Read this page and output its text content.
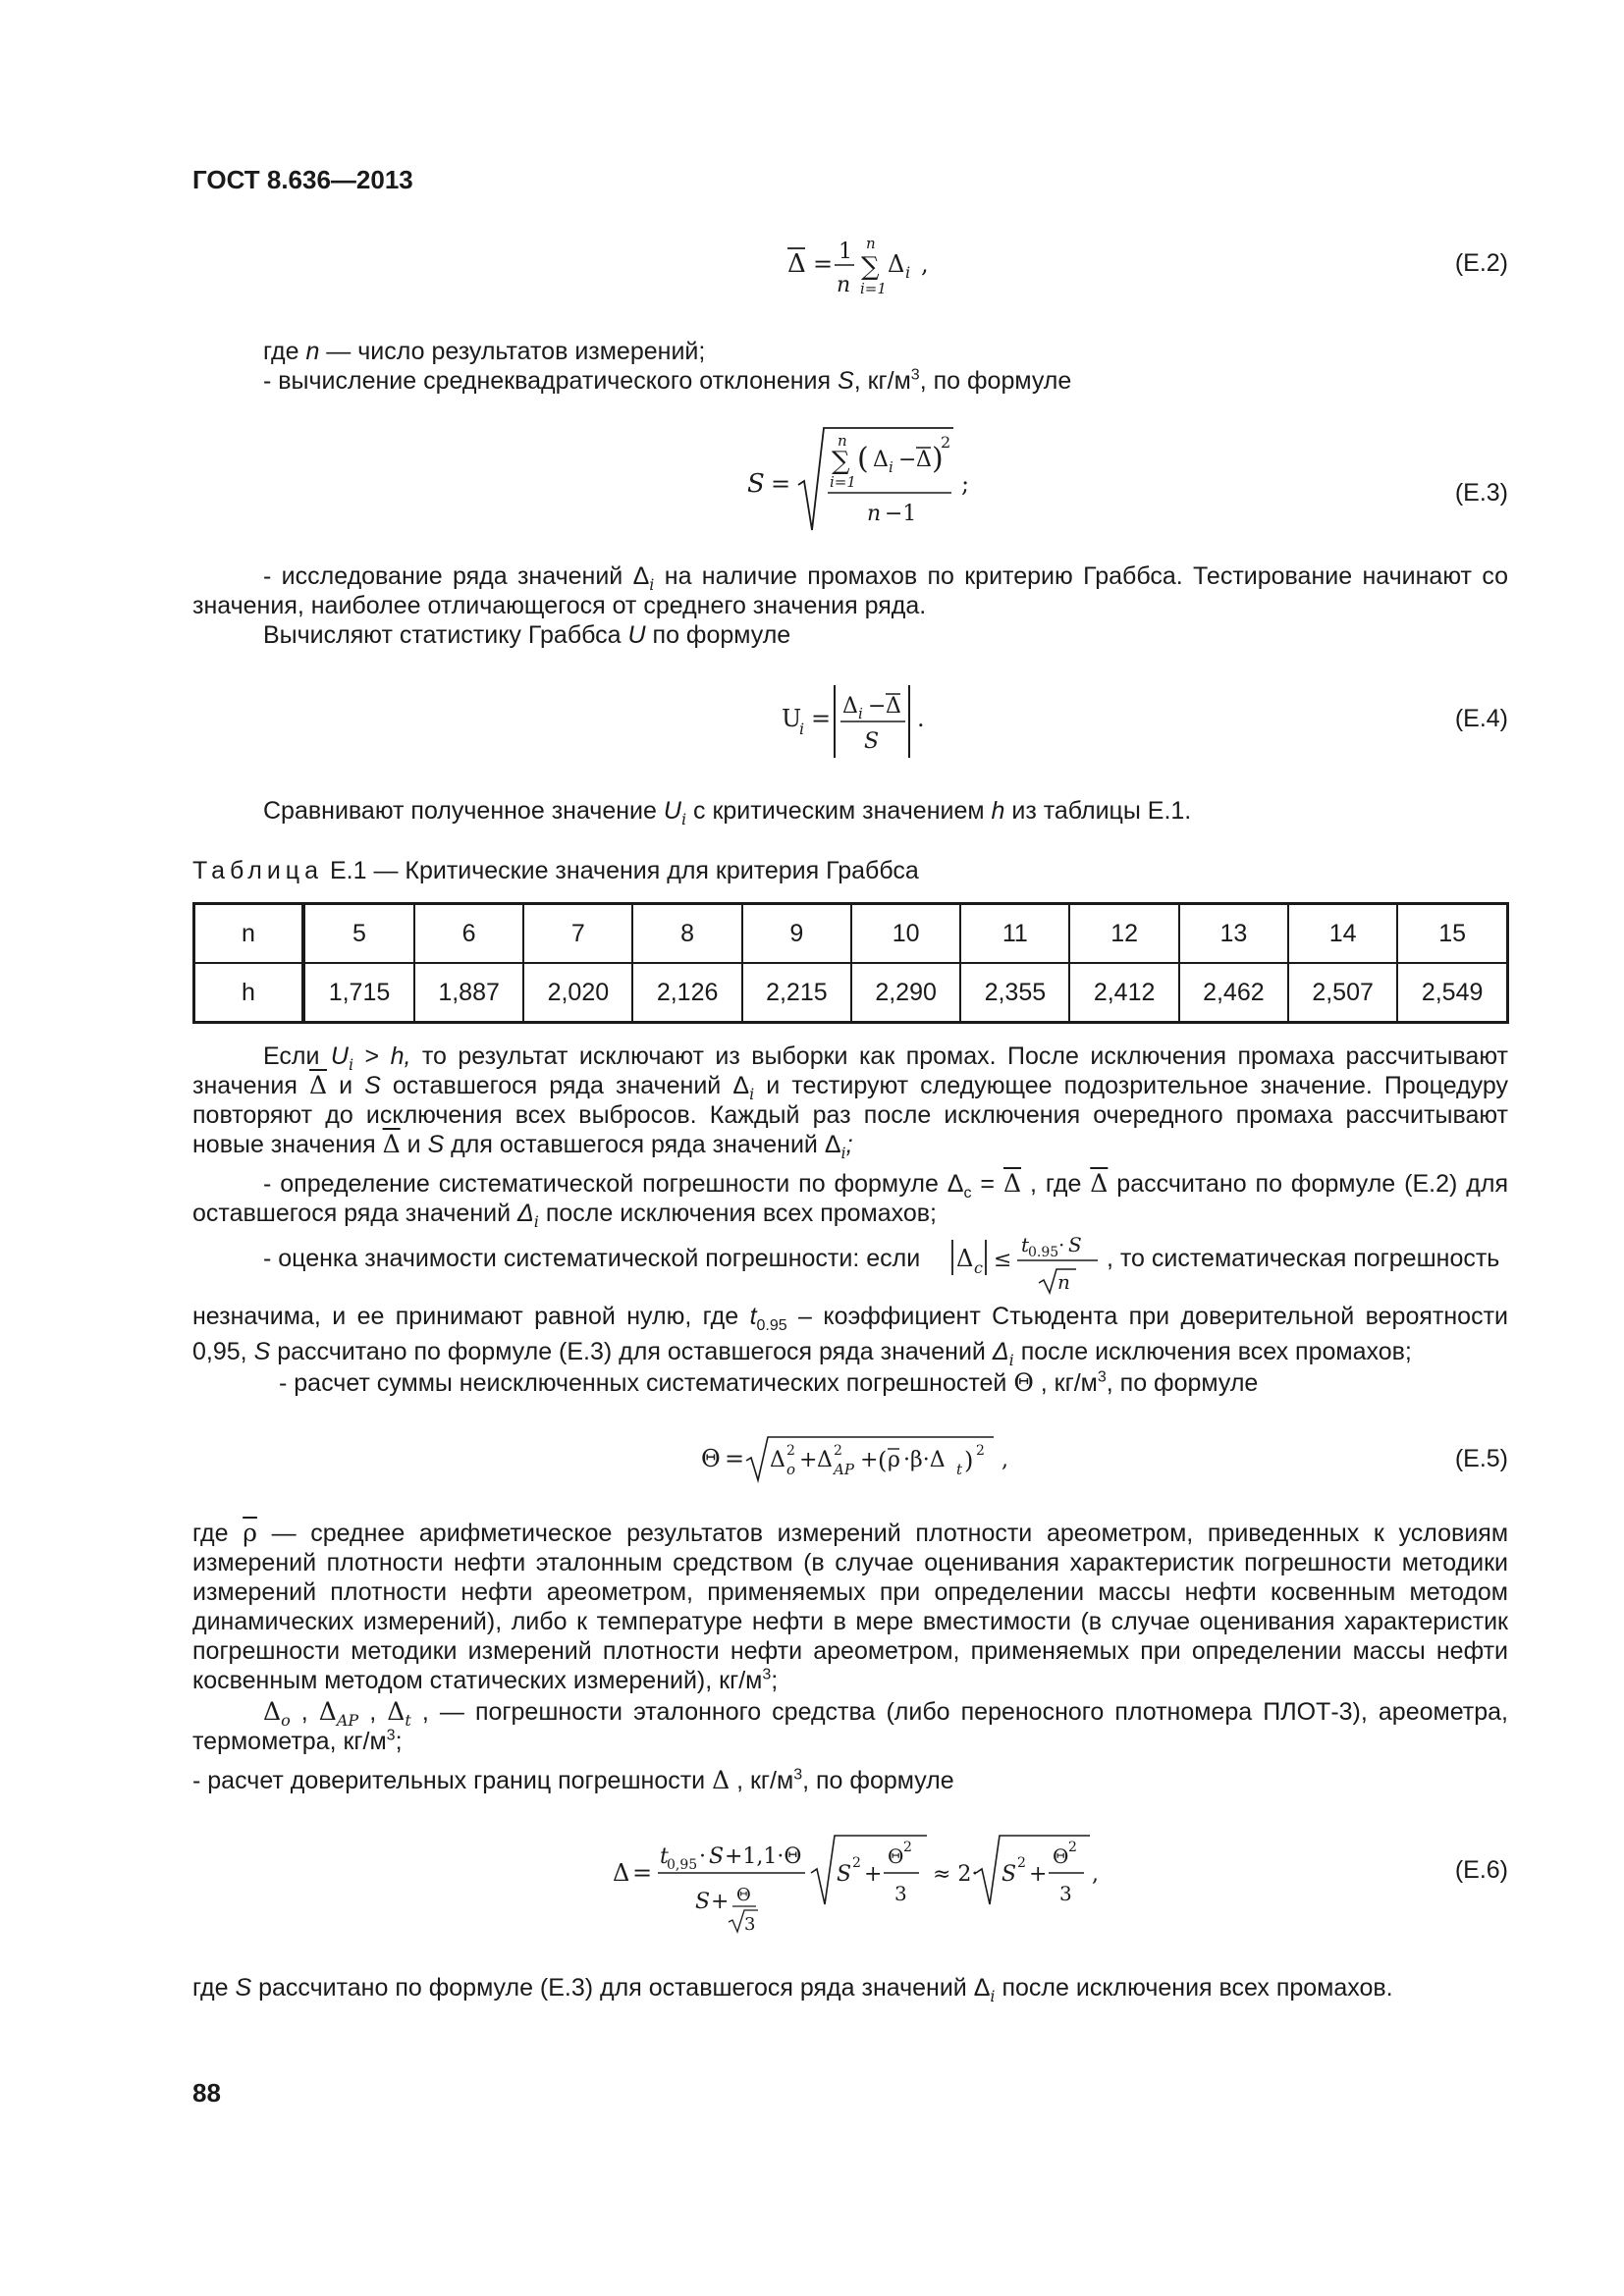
ГОСТ 8.636—2013
Δ = 1
n
n
∑
i=1
Δ i ,	(Е.2)
где n — число результатов измерений;
- вычисление среднеквадратического отклонения S, $кг/м^3$, по формуле
S =
n
∑
i=1
( Δ i − Δ )
2
n −1
;	(Е.3)
- исследование ряда значений $\Delta_i$ на наличие промахов по критерию Граббса. Тестирование начинают со значения, наиболее отличающегося от среднего значения ряда.
Вычисляют статистику Граббса U по формуле
U
i = Δ i − Δ
S
.	(Е.4)
Сравнивают полученное значение $U_i$ с критическим значением h из таблицы Е.1.
Таблица Е.1 — Критические значения для критерия Граббса
n	5	6	7	8	9	10	11	12	13	14	15
h	1,715	1,887	2,020	2,126	2,215	2,290	2,355	2,412	2,462	2,507	2,549
Если $U_i > h$, то результат исключают из выборки как промах. После исключения промаха рассчитывают значения $\overline{\Delta}$ и S оставшегося ряда значений $\Delta_i$ и тестируют следующее подозрительное значение. Процедуру повторяют до исключения всех выбросов. Каждый раз после исключения очередного промаха рассчитывают новые значения $\overline{\Delta}$ и S для оставшегося ряда значений $\Delta_i$;
- определение систематической погрешности по формуле $\Delta_c = \overline{\Delta}$ , где $\overline{\Delta}$ рассчитано по формуле (Е.2) для оставшегося ряда значений $\Delta_i$ после исключения всех промахов;
- оценка значимости систематической погрешности: если Δ c ≤
t
0.95 · S
n
, то систематическая погрешность
незначима, и ее принимают равной нулю, где $t_{0.95}$ – коэффициент Стьюдента при доверительной вероятности
0,95, S рассчитано по формуле (Е.3) для оставшегося ряда значений $\Delta_i$ после исключения всех промахов;
- расчет суммы неисключенных систематических погрешностей Θ , $кг/м^3$, по формуле
Θ = Δ 2
o + Δ 2
AP + ( ρ ·β·Δ t ) 2 ,	(Е.5)
где $\overline{\rho}$ — среднее арифметическое результатов измерений плотности ареометром, приведенных к условиям измерений плотности нефти эталонным средством (в случае оценивания характеристик погрешности методики измерений плотности нефти ареометром, применяемых при определении массы нефти косвенным методом динамических измерений), либо к температуре нефти в мере вместимости (в случае оценивания характеристик погрешности методики измерений плотности нефти ареометром, применяемых при определении массы нефти косвенным методом статических измерений), $кг/м^3$;
$\Delta_o$ , $\Delta_{AP}$ , $\Delta_t$ , — погрешности эталонного средства (либо переносного плотномера ПЛОТ-3), ареометра, термометра, $кг/м^3$;
- расчет доверительных границ погрешности Δ , $кг/м^3$, по формуле
Δ =
t
0,95 · S +1,1·Θ
S + Θ
3
S 2 +
Θ 2
3
≈ 2· S 2 +
Θ 2
3
,	(Е.6)
где S рассчитано по формуле (Е.3) для оставшегося ряда значений $\Delta_i$ после исключения всех промахов.
88
